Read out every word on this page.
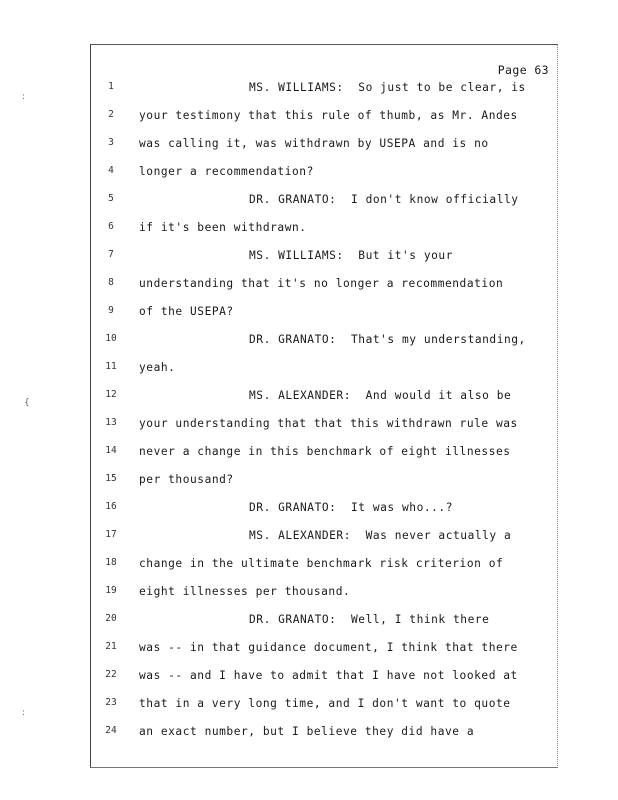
:
{
:
Page 63
1	MS. WILLIAMS:  So just to be clear, is
2	your testimony that this rule of thumb, as Mr. Andes
3	was calling it, was withdrawn by USEPA and is no
4	longer a recommendation?
5	DR. GRANATO:  I don't know officially
6	if it's been withdrawn.
7	MS. WILLIAMS:  But it's your
8	understanding that it's no longer a recommendation
9	of the USEPA?
10	DR. GRANATO:  That's my understanding,
11	yeah.
12	MS. ALEXANDER:  And would it also be
13	your understanding that that this withdrawn rule was
14	never a change in this benchmark of eight illnesses
15	per thousand?
16	DR. GRANATO:  It was who...?
17	MS. ALEXANDER:  Was never actually a
18	change in the ultimate benchmark risk criterion of
19	eight illnesses per thousand.
20	DR. GRANATO:  Well, I think there
21	was -- in that guidance document, I think that there
22	was -- and I have to admit that I have not looked at
23	that in a very long time, and I don't want to quote
24	an exact number, but I believe they did have a
